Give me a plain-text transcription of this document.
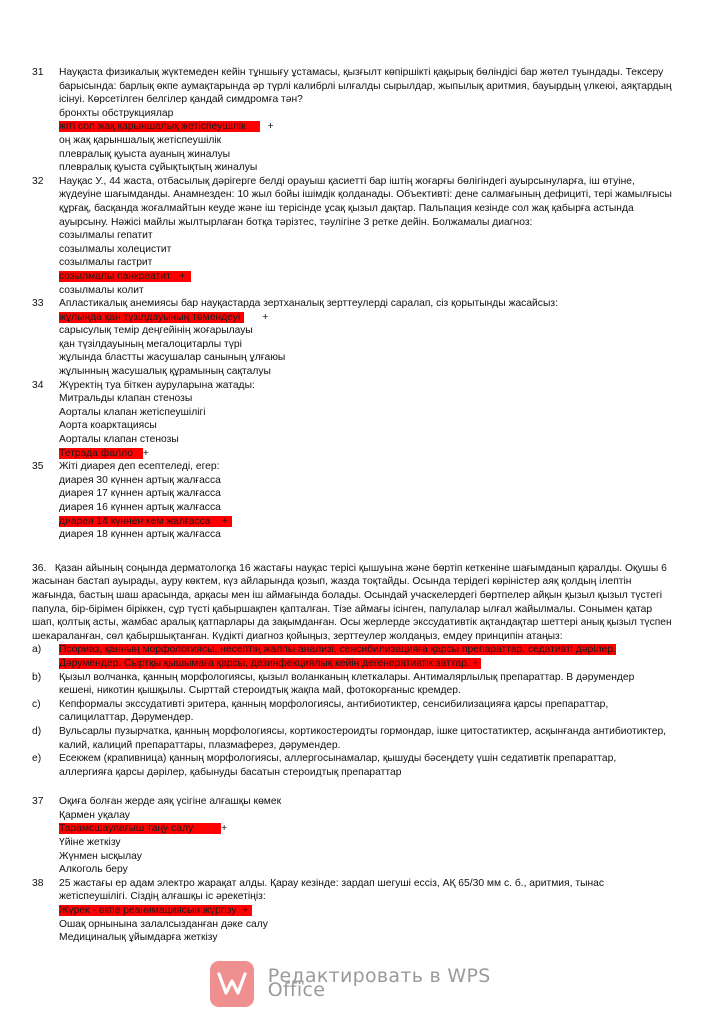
31	Науқаста физикалық жүктемеден кейін тұншығу ұстамасы, қызғылт көпіршікті қақырық бөліндісі бар жөтел туындады. Тексеру барысында: барлық өкпе аумақтарында әр түрлі калибрлі ылғалды сырылдар, жыпылық аритмия, бауырдың үлкеюі, аяқтардың ісінуі. Көрсетілген белгілер қандай симдромға тән?
бронхты обструкциялар
жіті сол жақ қарыншалық жетіспеушілік +
оң жақ қарыншалық жетіспеушілік
плевралық қуыста ауаның жиналуы
плевралық қуыста сұйықтықтың жиналуы
32	Науқас У., 44 жаста, отбасылық дәрігерге белді орауыш қасиетті бар іштің жоғарғы бөлігіндегі ауырсынуларға, іш өтуіне, жүдеуіне шағымданды. Анамнезден: 10 жыл бойы ішімдік қолданады. Объективті: дене салмағының дефициті, тері жамылғысы құрғақ, басқанда жоғалмайтын кеуде және іш терісінде ұсақ қызыл дақтар. Пальпация кезінде сол жақ қабырға астында ауырсыну. Нәжісі майлы жылтырлаған ботқа тәрізтес, тәулігіне 3 ретке дейін. Болжамалы диагноз:
созылмалы гепатит
созылмалы холецистит
созылмалы гастрит
созылмалы панкреатит +
созылмалы колит
33	Апластикалық анемиясы бар науқастарда зертханалық зерттеулерді саралап, сіз қорытынды жасайсыз:
жұлында қан түзілдауының төмендеуі +
сарысулық темір деңгейінің жоғарылауы
қан түзілдауының мегалоцитарлы түрі
жұлында бластты жасушалар санының ұлғаюы
жұлынның жасушалық құрамының сақталуы
34	Жүректің туа біткен ауруларына жатады:
Митральды клапан стенозы
Аорталы клапан жетіспеушілігі
Аорта коарктациясы
Аорталы клапан стенозы
Тетрада фалло +
35	Жіті диарея деп есептеледі, егер:
диарея 30 күннен артық жалғасса
диарея 17 күннен артық жалғасса
диарея 16 күннен артық жалғасса
диарея 14 күннен кем жалғасса +
диарея 18 күннен артық жалғасса
36. Қазан айының соңында дерматологқа 16 жастағы науқас терісі қышуына және бөртіп кеткеніне шағымданып қаралды. Оқушы 6 жасынан бастап ауырады, ауру көктем, күз айларында қозып, жазда тоқтайды. Осында терідегі көріністер аяқ қолдың ілептін жағында, бастың шаш арасында, арқасы мен іш аймағында болады. Осындай учаскелердегі бөртпелер айқын қызыл қызыл түстегі папула, бір-бірімен біріккен, сұр түсті қабыршақпен қапталған. Тізе аймағы ісінген, папулалар ылғал жайылмалы. Сонымен қатар шап, қолтық асты, жамбас аралық қатпарлары да зақымданған. Осы жерлерде экссудативтік ақтандақтар шеттері анық қызыл түспен шекараланған, сөл қабыршықтанған. Күдікті диагноз қойыңыз, зерттеулер жолдаңыз, емдеу принципін атаңыз:
a)	Псориаз, қанның морфологиясы, несептің жалпы анализі, сенсибилизацияға қарсы препараттар, седативті дәрілер. Дәрумендер. Сыртқы қышымаға қарсы, дезинфекциялық кейін дегенеративтік заттар. +
b)	Қызыл волчанка, қанның морфологиясы, қызыл воланканың клеткалары. Антималярлылық препараттар. В дәрумендер кешені, никотин қышқылы. Сырттай стероидтық жақпа май, фотокорғаныс кремдер.
c)	Кепформалы экссудативті эритера, қанның морфологиясы, антибиотиктер, сенсибилизацияға қарсы препараттар, салицилаттар, Дәрумендер.
d)	Вульсарлы пузырчатка, қанның морфологиясы, кортикостероидты гормондар, ішке цитостатиктер, асқынғанда антибиотиктер, калий, калиций препараттары, плазмаферез, дәрумендер.
e)	Есекжем (крапивница) қанның морфологиясы, аллергосынамалар, қышуды бәсеңдету үшін седативтік препараттар, аллергияға қарсы дәрілер, қабынуды басатын стероидтық препараттар
37	Оқиға болған жерде аяқ үсігіне алғашқы көмек
Қармен уқалау
Тарамсшаулағыш таңу салу	+
Үйіне жеткізу
Жүнмен ысқылау
Алкоголь беру
38	25 жастағы ер адам электро жарақат алды. Қарау кезінде: зардап шегуші ессіз, АҚ 65/30 мм с. б., аритмия, тынас жетіспеушілігі. Сіздің алғашқы іс әрекетіңіз:
Жүрек - өкпе реанимациясын жүргізу +
Ошақ орнынына залалсызданған дәке салу
Медициналық ұйымдарға жеткізу
Редактировать в WPS Office
